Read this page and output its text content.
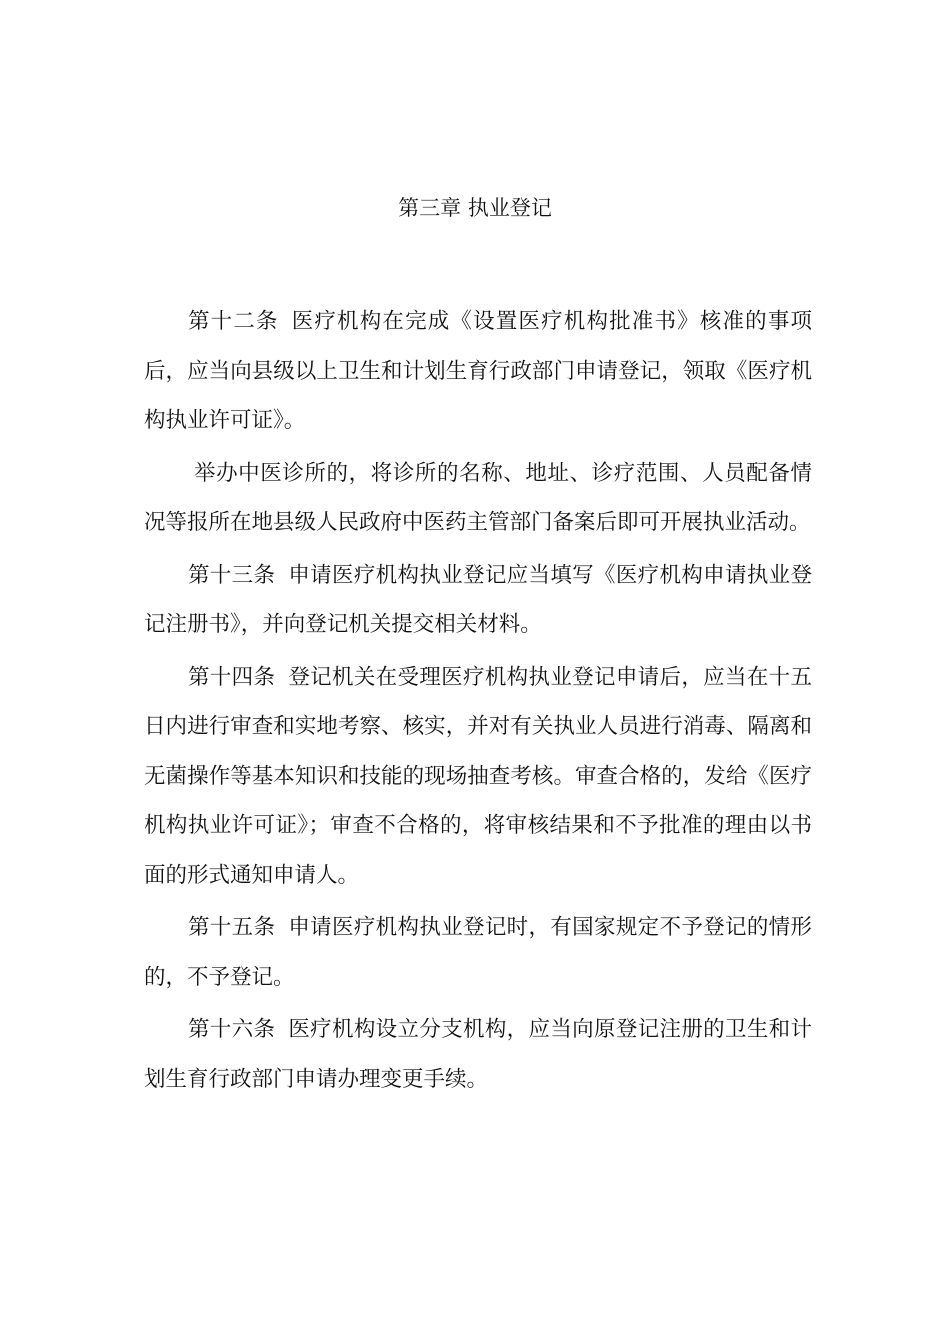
第三章 执业登记

第十二条 医疗机构在完成《设置医疗机构批准书》核准的事项后，应当向县级以上卫生和计划生育行政部门申请登记，领取《医疗机构执业许可证》。

举办中医诊所的，将诊所的名称、地址、诊疗范围、人员配备情况等报所在地县级人民政府中医药主管部门备案后即可开展执业活动。

第十三条 申请医疗机构执业登记应当填写《医疗机构申请执业登记注册书》，并向登记机关提交相关材料。

第十四条 登记机关在受理医疗机构执业登记申请后，应当在十五日内进行审查和实地考察、核实，并对有关执业人员进行消毒、隔离和无菌操作等基本知识和技能的现场抽查考核。审查合格的，发给《医疗机构执业许可证》；审查不合格的，将审核结果和不予批准的理由以书面的形式通知申请人。

第十五条 申请医疗机构执业登记时，有国家规定不予登记的情形的，不予登记。

第十六条 医疗机构设立分支机构，应当向原登记注册的卫生和计划生育行政部门申请办理变更手续。
